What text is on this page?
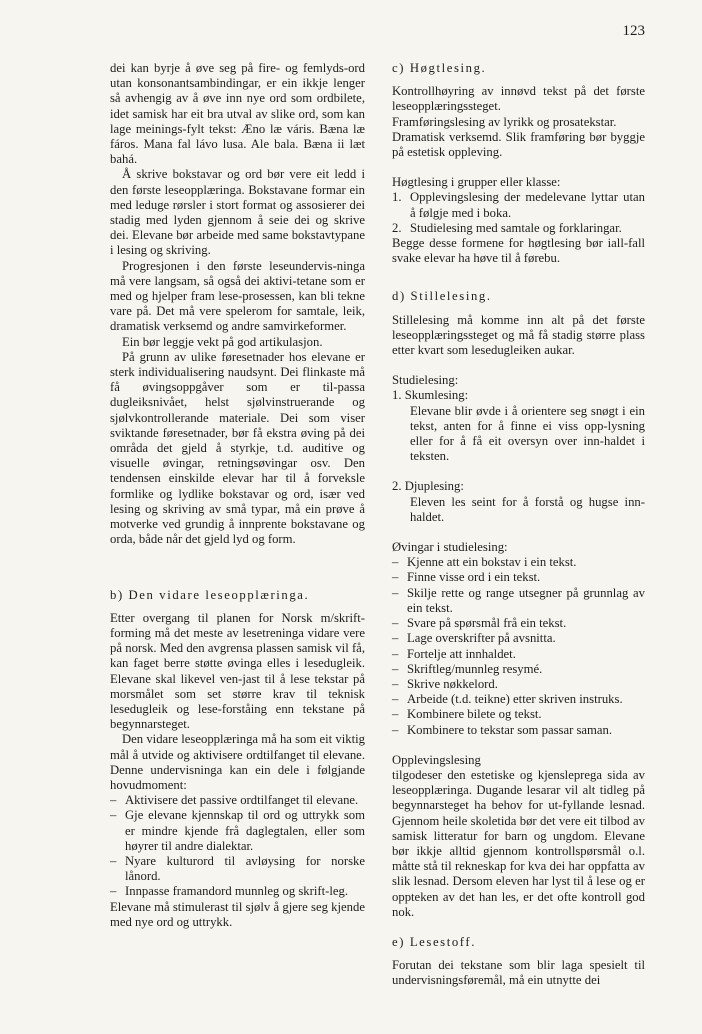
123

dei kan byrje å øve seg på fire- og femlyds-ord utan konsonantsambindingar, er ein ikkje lenger så avhengig av å øve inn nye ord som ordbilete, idet samisk har eit bra utval av slike ord, som kan lage meinings-fylt tekst: Æno læ váris. Bæna læ fáros. Mana fal lávo lusa. Ale bala. Bæna ii læt bahá.

Å skrive bokstavar og ord bør vere eit ledd i den første leseopplæringa. Bokstavane formar ein med leduge rørsler i stort format og assosierer dei stadig med lyden gjennom å seie dei og skrive dei. Elevane bør arbeide med same bokstavtypane i lesing og skriving.

Progresjonen i den første leseundervis-ninga må vere langsam, så også dei aktivi-tetane som er med og hjelper fram lese-prosessen, kan bli tekne vare på. Det må vere spelerom for samtale, leik, dramatisk verksemd og andre samvirkeformer.

Ein bør leggje vekt på god artikulasjon.

På grunn av ulike føresetnader hos elevane er sterk individualisering naudsynt. Dei flinkaste må få øvingsoppgåver som er til-passa dugleiksnivået, helst sjølvinstruerande og sjølvkontrollerande materiale. Dei som viser sviktande føresetnader, bør få ekstra øving på dei områda det gjeld å styrkje, t.d. auditive og visuelle øvingar, retningsøvingar osv. Den tendensen einskilde elevar har til å forveksle formlike og lydlike bokstavar og ord, især ved lesing og skriving av små typar, må ein prøve å motverke ved grundig å innprente bokstavane og orda, både når det gjeld lyd og form.

b) Den vidare leseopplæringa.

Etter overgang til planen for Norsk m/skrift-forming må det meste av lesetreninga vidare vere på norsk. Med den avgrensa plassen samisk vil få, kan faget berre støtte øvinga elles i lesedugleik. Elevane skal likevel ven-jast til å lese tekstar på morsmålet som set større krav til teknisk lesedugleik og lese-forståing enn tekstane på begynnarsteget.

Den vidare leseopplæringa må ha som eit viktig mål å utvide og aktivisere ordtilfanget til elevane. Denne undervisninga kan ein dele i følgjande hovudmoment:

– Aktivisere det passive ordtilfanget til elevane.
– Gje elevane kjennskap til ord og uttrykk som er mindre kjende frå daglegtalen, eller som høyrer til andre dialektar.
– Nyare kulturord til avløysing for norske lånord.
– Innpasse framandord munnleg og skrift-leg.

Elevane må stimulerast til sjølv å gjere seg kjende med nye ord og uttrykk.

c) Høgtlesing.

Kontrollhøyring av innøvd tekst på det første leseopplæringssteget.

Framføringslesing av lyrikk og prosatekstar.

Dramatisk verksemd. Slik framføring bør byggje på estetisk oppleving.

Høgtlesing i grupper eller klasse:

1. Opplevingslesing der medelevane lyttar utan å følgje med i boka.
2. Studielesing med samtale og forklaringar.

Begge desse formene for høgtlesing bør iall-fall svake elevar ha høve til å førebu.

d) Stillelesing.

Stillelesing må komme inn alt på det første leseopplæringssteget og må få stadig større plass etter kvart som lesedugleiken aukar.

Studielesing:

1. Skumlesing:

Elevane blir øvde i å orientere seg snøgt i ein tekst, anten for å finne ei viss opp-lysning eller for å få eit oversyn over inn-haldet i teksten.

2. Djuplesing:

Eleven les seint for å forstå og hugse inn-haldet.

Øvingar i studielesing:

– Kjenne att ein bokstav i ein tekst.
– Finne visse ord i ein tekst.
– Skilje rette og range utsegner på grunnlag av ein tekst.
– Svare på spørsmål frå ein tekst.
– Lage overskrifter på avsnitta.
– Fortelje att innhaldet.
– Skriftleg/munnleg resymé.
– Skrive nøkkelord.
– Arbeide (t.d. teikne) etter skriven instruks.
– Kombinere bilete og tekst.
– Kombinere to tekstar som passar saman.

Opplevingslesing

tilgodeser den estetiske og kjenslepregа sida av leseopplæringa. Dugande lesarar vil alt tidleg på begynnarsteget ha behov for ut-fyllande lesnad. Gjennom heile skoletida bør det vere eit tilbod av samisk litteratur for barn og ungdom. Elevane bør ikkje alltid gjennom kontrollspørsmål o.l. måtte stå til rekneskap for kva dei har oppfatta av slik lesnad. Dersom eleven har lyst til å lese og er oppteken av det han les, er det ofte kontroll god nok.

e) Lesestoff.

Forutan dei tekstane som blir laga spesielt til undervisningsføremål, må ein utnytte dei
